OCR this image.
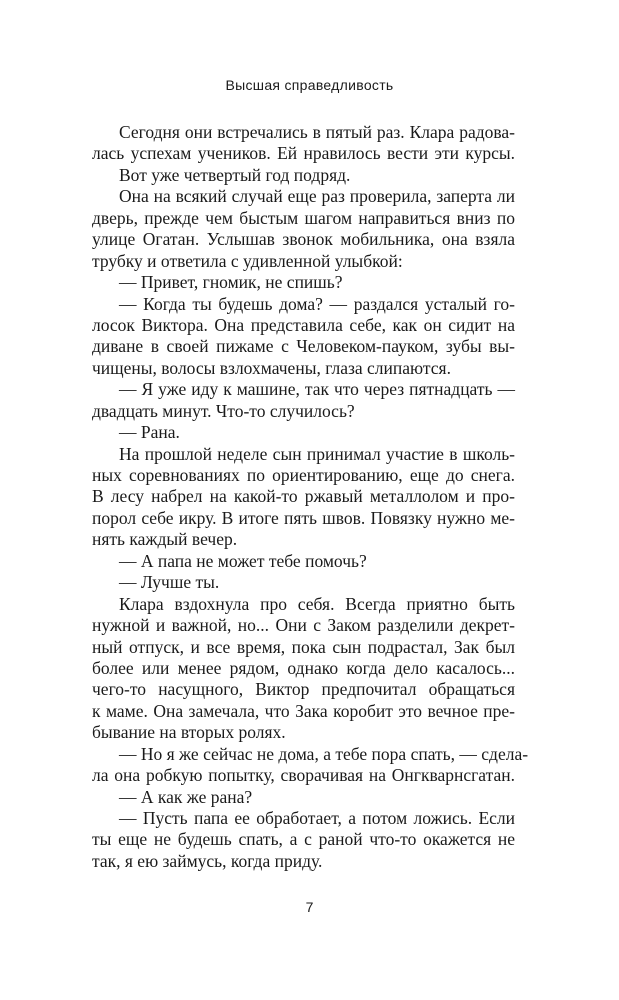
Высшая справедливость
Сегодня они встречались в пятый раз. Клара радова-
лась успехам учеников. Ей нравилось вести эти курсы.
Вот уже четвертый год подряд.
Она на всякий случай еще раз проверила, заперта ли
дверь, прежде чем быстым шагом направиться вниз по
улице Огатан. Услышав звонок мобильника, она взяла
трубку и ответила с удивленной улыбкой:
— Привет, гномик, не спишь?
— Когда ты будешь дома? — раздался усталый го-
лосок Виктора. Она представила себе, как он сидит на
диване в своей пижаме с Человеком-пауком, зубы вы-
чищены, волосы взлохмачены, глаза слипаются.
— Я уже иду к машине, так что через пятнадцать —
двадцать минут. Что-то случилось?
— Рана.
На прошлой неделе сын принимал участие в школь-
ных соревнованиях по ориентированию, еще до снега.
В лесу набрел на какой-то ржавый металлолом и про-
порол себе икру. В итоге пять швов. Повязку нужно ме-
нять каждый вечер.
— А папа не может тебе помочь?
— Лучше ты.
Клара вздохнула про себя. Всегда приятно быть
нужной и важной, но... Они с Заком разделили декрет-
ный отпуск, и все время, пока сын подрастал, Зак был
более или менее рядом, однако когда дело касалось...
чего-то насущного, Виктор предпочитал обращаться
к маме. Она замечала, что Зака коробит это вечное пре-
бывание на вторых ролях.
— Но я же сейчас не дома, а тебе пора спать, — сдела-
ла она робкую попытку, сворачивая на Онгкварнсгатан.
— А как же рана?
— Пусть папа ее обработает, а потом ложись. Если
ты еще не будешь спать, а с раной что-то окажется не
так, я ею займусь, когда приду.
7
